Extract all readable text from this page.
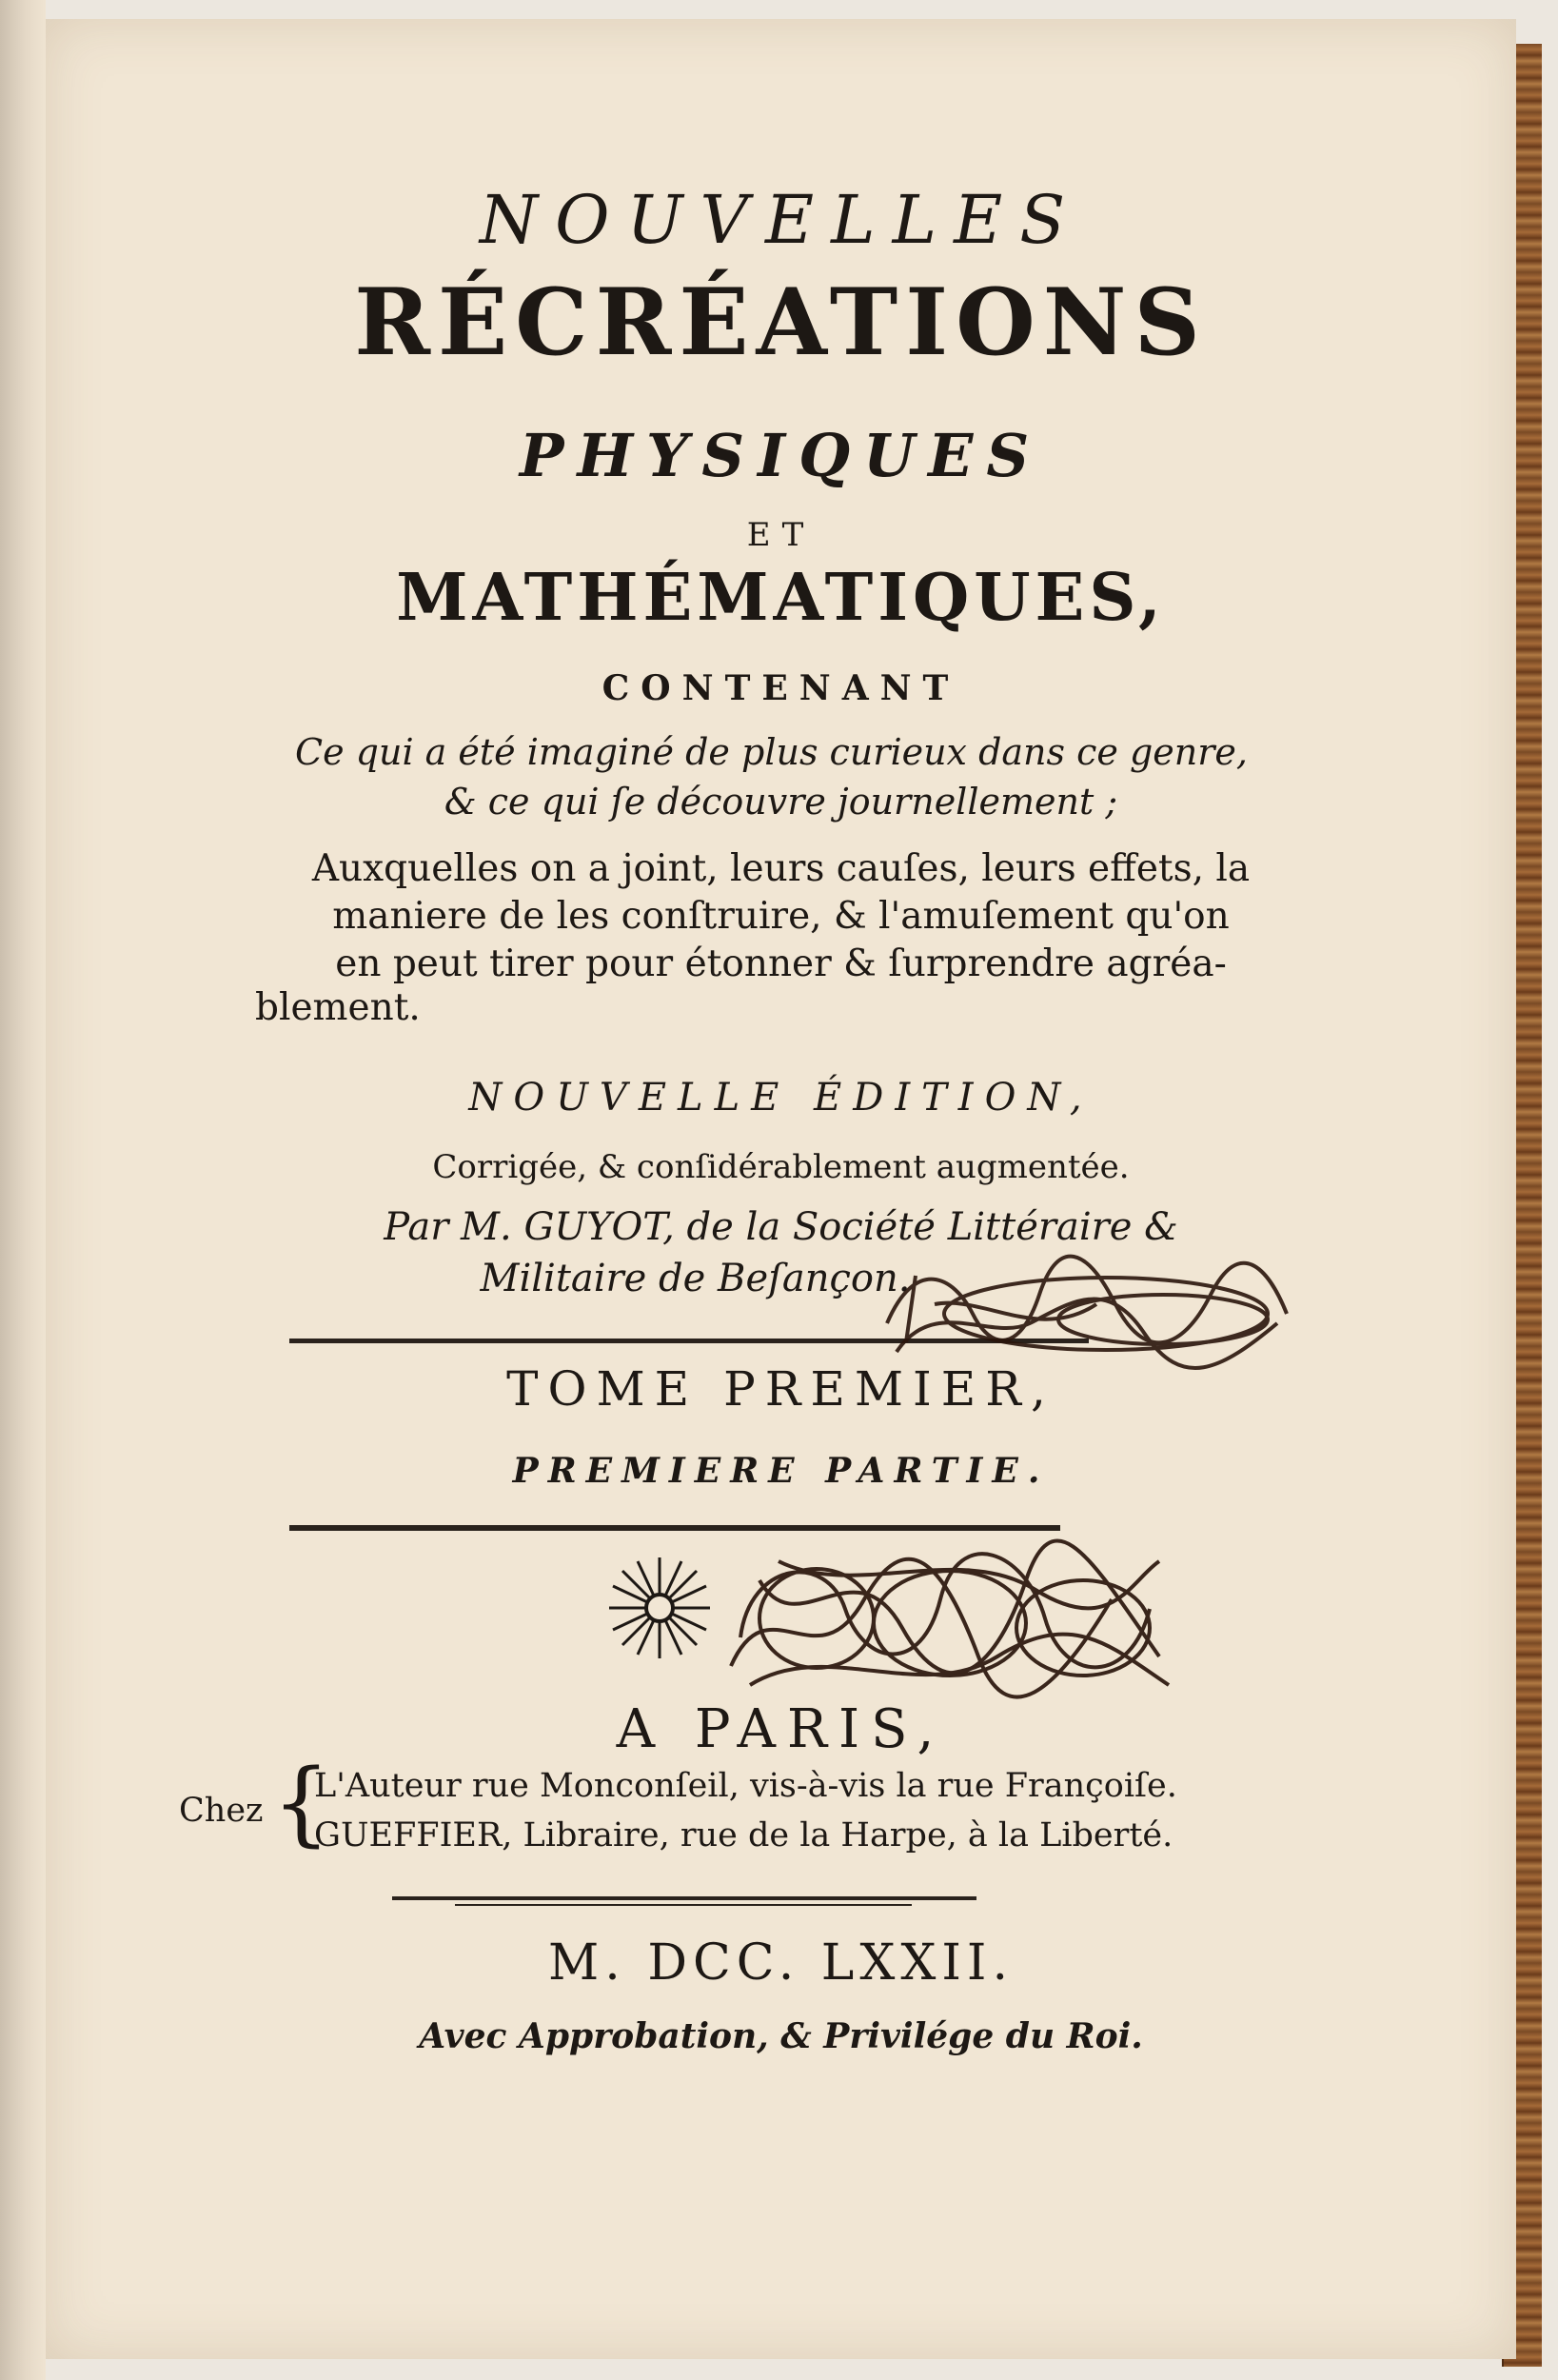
NOUVELLES
RÉCRÉATIONS
PHYSIQUES
ET
MATHÉMATIQUES,
CONTENANT
Ce qui a été imaginé de plus curieux dans ce genre,
& ce qui ſe découvre journellement ;
Auxquelles on a joint, leurs cauſes, leurs effets, la
maniere de les conſtruire, & l'amuſement qu'on
en peut tirer pour étonner & ſurprendre agréa-
blement.
NOUVELLE ÉDITION,
Corrigée, & conſidérablement augmentée.
Par M. GUYOT, de la Société Littéraire &
Militaire de Beſançon.
TOME PREMIER,
PREMIERE PARTIE.
A PARIS,
Chez {
L'Auteur rue Monconſeil, vis-à-vis la rue Françoiſe.
GUEFFIER, Libraire, rue de la Harpe, à la Liberté.
M. DCC. LXXII.
Avec Approbation, & Privilége du Roi.
